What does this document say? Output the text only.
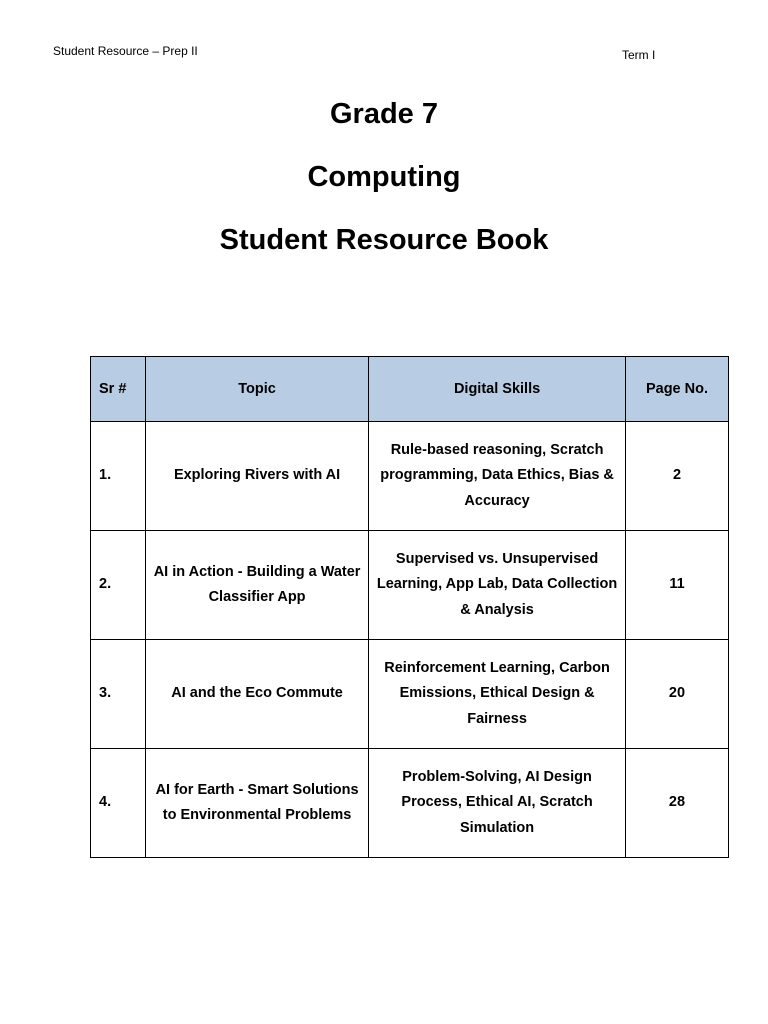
Student Resource – Prep II	Term I
Grade 7
Computing
Student Resource Book
Sr #	Topic	Digital Skills	Page No.
1.	Exploring Rivers with AI	Rule-based reasoning, Scratch programming, Data Ethics, Bias & Accuracy	2
2.	AI in Action - Building a Water Classifier App	Supervised vs. Unsupervised Learning, App Lab, Data Collection & Analysis	11
3.	AI and the Eco Commute	Reinforcement Learning, Carbon Emissions, Ethical Design & Fairness	20
4.	AI for Earth - Smart Solutions to Environmental Problems	Problem-Solving, AI Design Process, Ethical AI, Scratch Simulation	28
